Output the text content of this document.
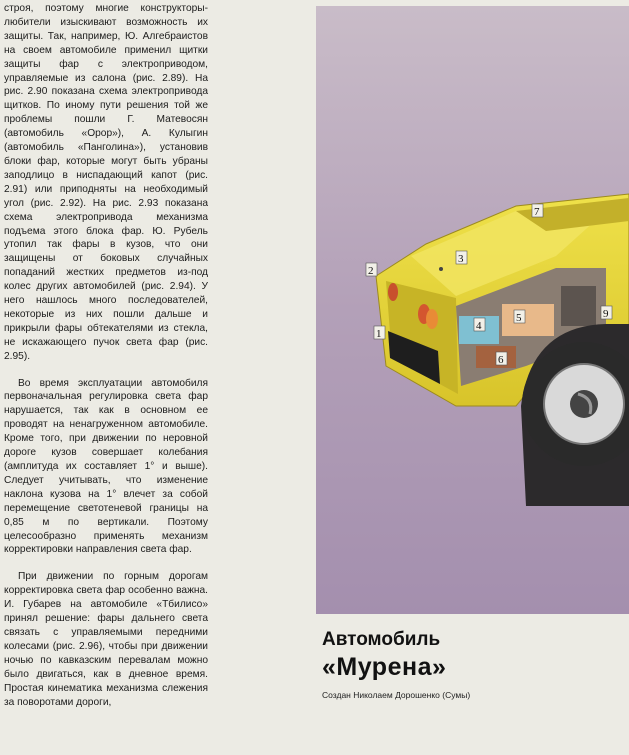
строя, поэтому многие конструкторы-любители изыскивают возможность их защиты. Так, например, Ю. Алгебраистов на своем автомобиле применил щитки защиты фар с электроприводом, управляемые из салона (рис. 2.89). На рис. 2.90 показана схема электропривода щитков. По иному пути решения той же проблемы пошли Г. Матевосян (автомобиль «Орор»), А. Кулыгин (автомобиль «Панголина»), установив блоки фар, которые могут быть убраны заподлицо в ниспадающий капот (рис. 2.91) или приподняты на необходимый угол (рис. 2.92). На рис. 2.93 показана схема электропривода механизма подъема этого блока фар. Ю. Рубель утопил так фары в кузов, что они защищены от боковых случайных попаданий жестких предметов из-под колес других автомобилей (рис. 2.94). У него нашлось много последователей, некоторые из них пошли дальше и прикрыли фары обтекателями из стекла, не искажающего пучок света фар (рис. 2.95).

Во время эксплуатации автомобиля первоначальная регулировка света фар нарушается, так как в основном ее проводят на ненагруженном автомобиле. Кроме того, при движении по неровной дороге кузов совершает колебания (амплитуда их составляет 1° и выше). Следует учитывать, что изменение наклона кузова на 1° влечет за собой перемещение светотеневой границы на 0,85 м по вертикали. Поэтому целесообразно применять механизм корректировки направления света фар.

При движении по горным дорогам корректировка света фар особенно важна. И. Губарев на автомобиле «Тбилисо» принял решение: фары дальнего света связать с управляемыми передними колесами (рис. 2.96), чтобы при движении ночью по кавказским перевалам можно было двигаться, как в дневное время. Простая кинематика механизма слежения за поворотами дороги,

1
2
3
4
5
6
7
9
Автомобиль
«Мурена»
Создан Николаем Дорошенко (Сумы)
